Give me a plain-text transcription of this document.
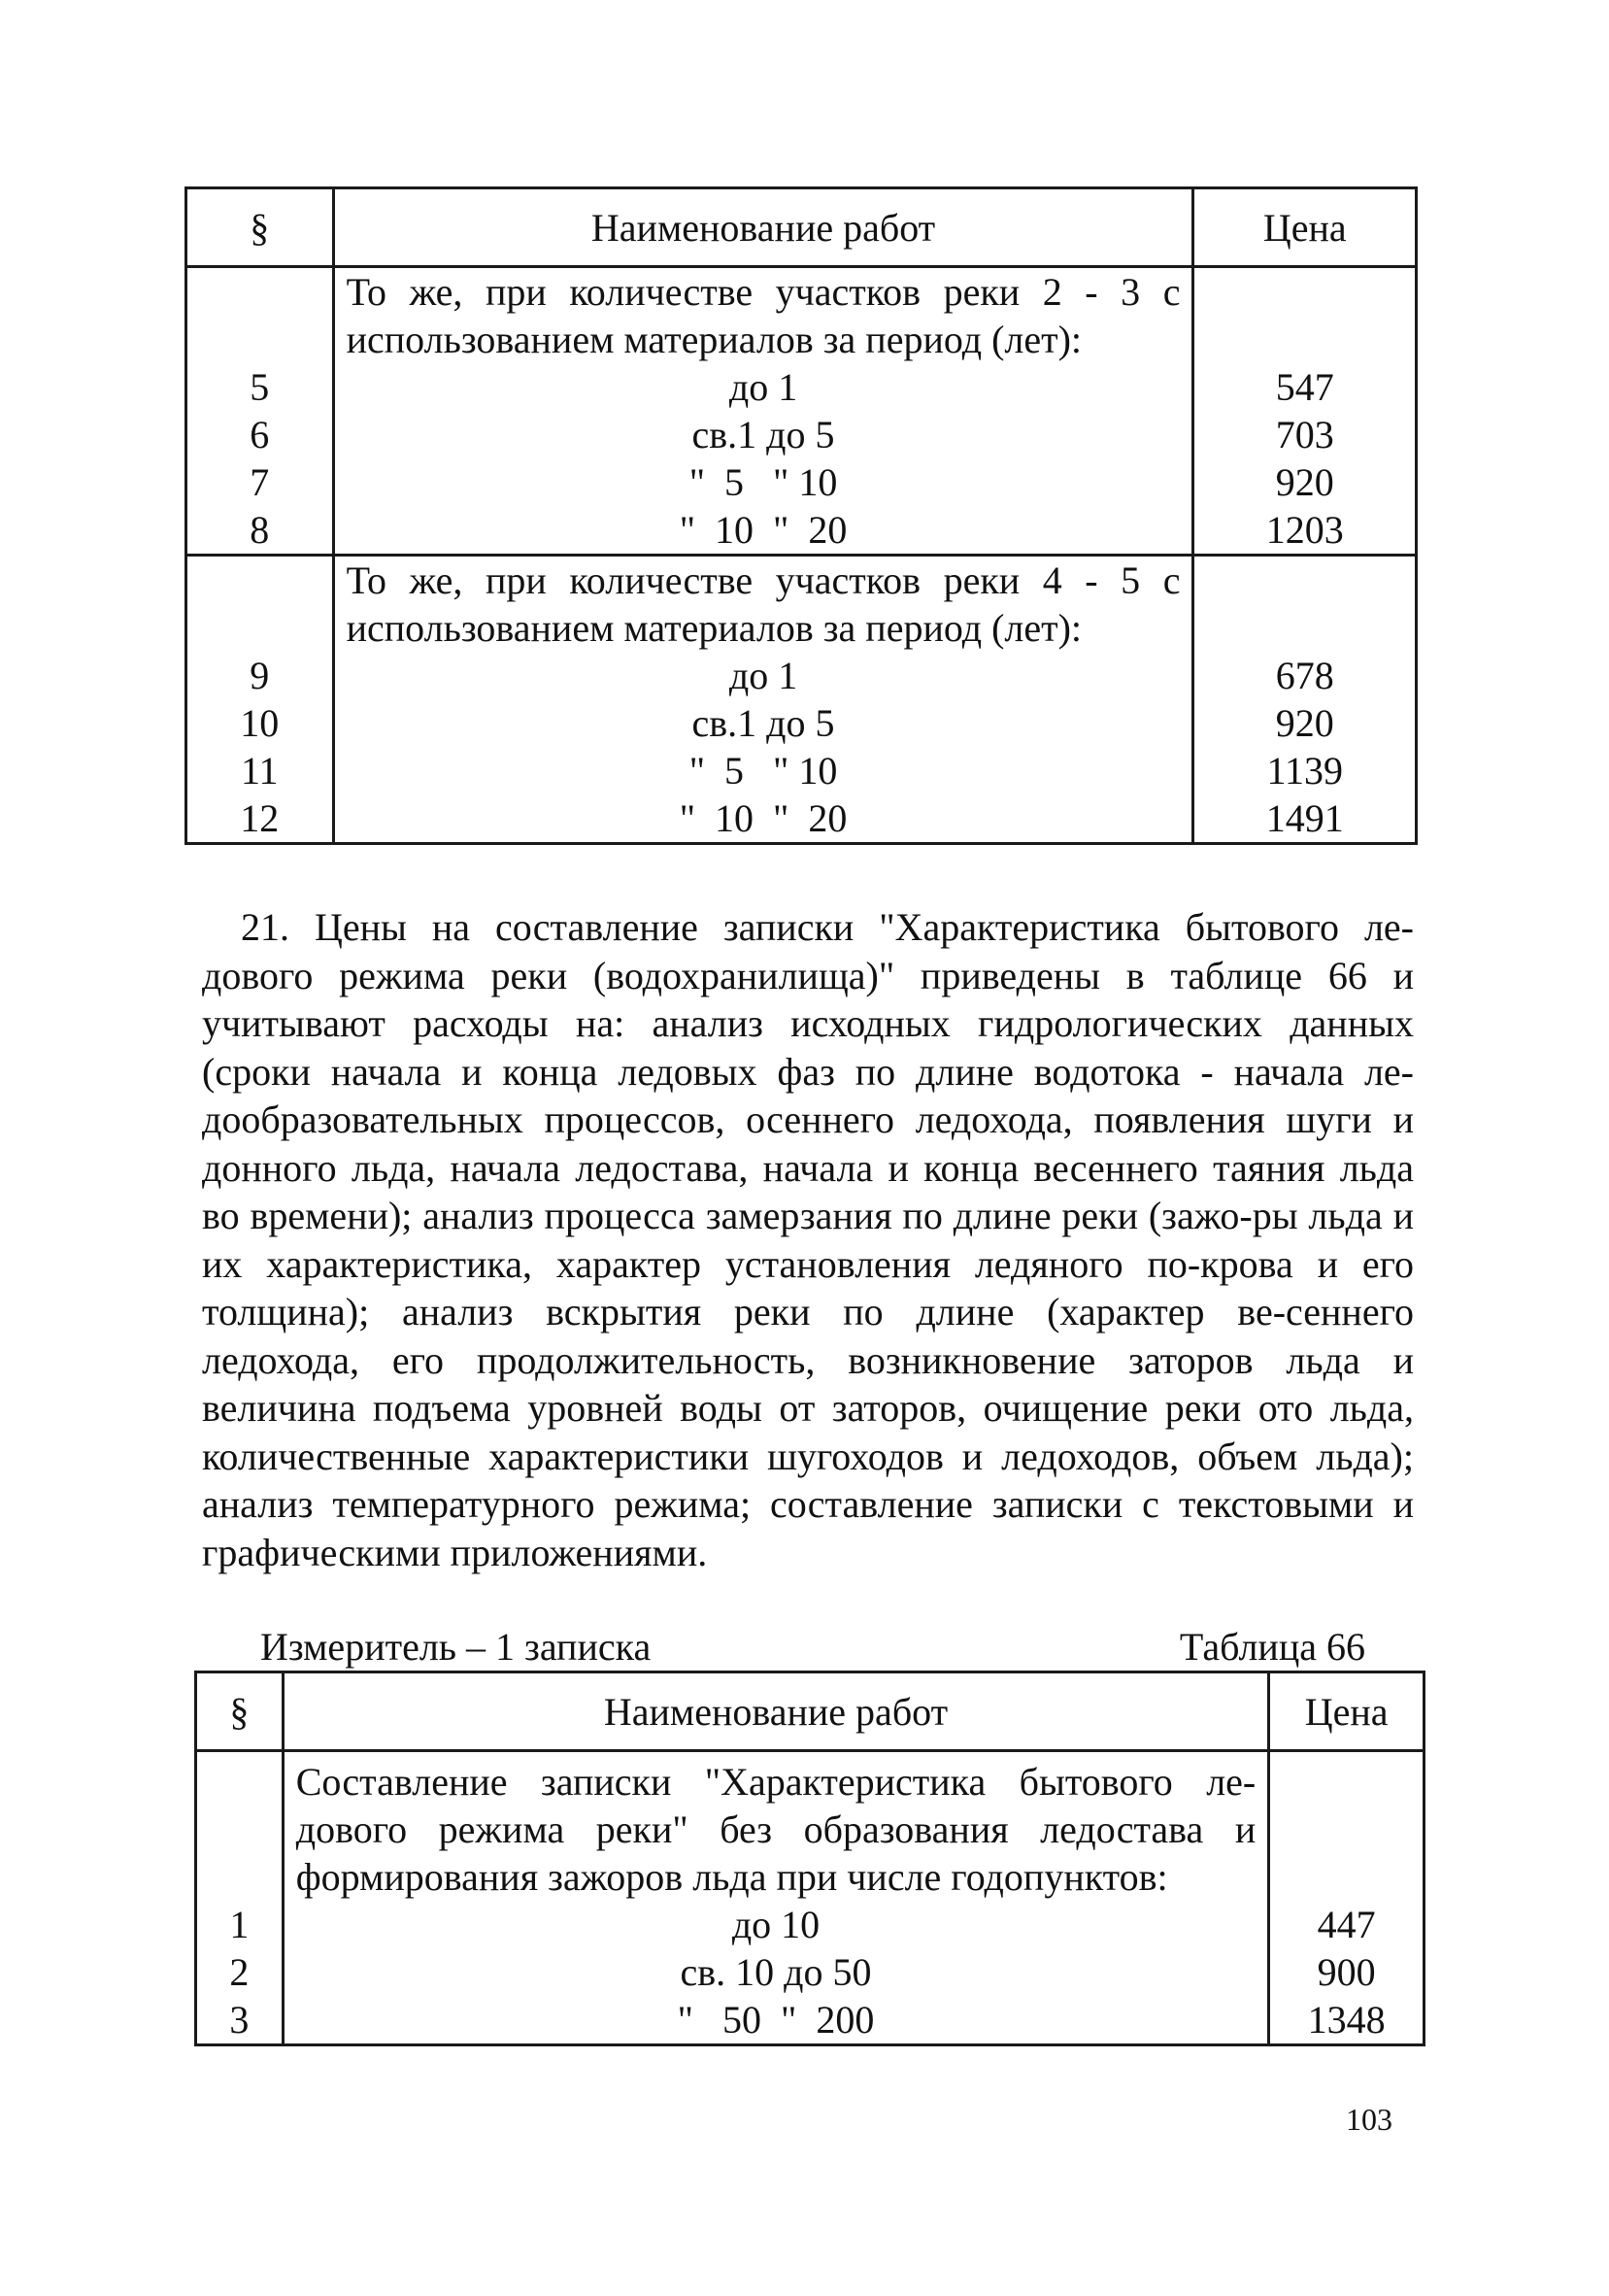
§	Наименование работ	Цена
	То же, при количестве участков реки 2 - 3 с	
	использованием материалов за период (лет):	
5	до 1	547
6	св.1 до 5	703
7	"  5   " 10	920
8	"  10  "  20	1203
	То же, при количестве участков реки 4 - 5 с	
	использованием материалов за период (лет):	
9	до 1	678
10	св.1 до 5	920
11	"  5   " 10	1139
12	"  10  "  20	1491

21. Цены на составление записки "Характеристика бытового ле-дового режима реки (водохранилища)" приведены в таблице 66 и учитывают расходы на: анализ исходных гидрологических данных (сроки начала и конца ледовых фаз по длине водотока - начала ле-дообразовательных процессов, осеннего ледохода, появления шуги и донного льда, начала ледостава, начала и конца весеннего таяния льда во времени); анализ процесса замерзания по длине реки (зажо-ры льда и их характеристика, характер установления ледяного по-крова и его толщина); анализ вскрытия реки по длине (характер ве-сеннего ледохода, его продолжительность, возникновение заторов льда и величина подъема уровней воды от заторов, очищение реки ото льда, количественные характеристики шугоходов и ледоходов, объем льда); анализ температурного режима; составление записки с текстовыми и графическими приложениями.

Измеритель – 1 записка	Таблица 66
§	Наименование работ	Цена
	Составление записки "Характеристика бытового ле-	
	дового режима реки" без образования ледостава и	
	формирования зажоров льда при числе годопунктов:	
1	до 10	447
2	св. 10 до 50	900
3	"   50  "  200	1348
103
